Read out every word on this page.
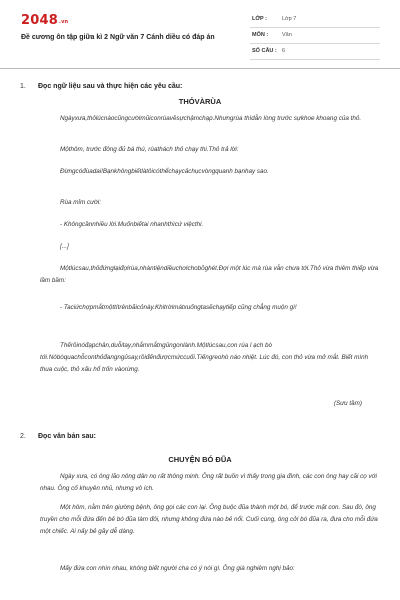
2048.vn
Đề cương ôn tập giữa kì 2 Ngữ văn 7 Cánh diều có đáp án
LỚP :	Lớp 7
MÔN :	Văn
SỐ CÂU : 6
1. Đọc ngữ liệu sau và thực hiện các yêu cầu:
THỎVÀRÙA
Ngàyxưa,thỏlúcnàocũngcườimũiconrùavềsựchậmchạp.Nhưngrùa thìdẫn lòng trước sựkhoe khoang của thỏ.
Mộthôm, trước đông đủ bá thú, rùathách thỏ chạy thi.Thỏ trả lời:
Đừngcóđùadai!Bạnkhôngbiếtlàtôicóthểchạycảchụcvòngquanh bạnhay sao.
Rùa mỉm cười:
- Khôngcầnnhiều lời.Muốnbiếtai nhanhthìcứ việcthi.
[...]
Mộtlúcsau,thỏđứnglạiđợirùa,nhàntiệndiềuchơichobõghét.Đợi một lúc mà rùa vẫn chưa tới.Thỏ vừa thiêm thiếp vừa lầm bầm:
- Taciứchợpmắtmộttítrênbãicỏnày.Khitrờimátxuốngtasẽchạytiếp cũng chẳng muộn gì!
Thếrồinóđạpchân,duỗitay,nhắmmắtngủngonlành.Mộtlúcsau,con rùa l ạch bò tới.Nóbòquachỗconthỏđangngủsay,rồiđếnđượcmứccuối.Tiếngreohò náo nhiệt. Lúc đó, con thỏ vừa mở mắt. Biết mình thua cuộc, thỏ xấu hổ trốn vàorừng.
(Sưu tầm)
2. Đọc văn bản sau:
CHUYỆN BÓ ĐŨA
Ngày xưa, có ông lão nông dân nọ rất thông minh. Ông rất buồn vì thấy trong gia đình, các con ông hay cãi cọ với nhau. Ông cố khuyên nhủ, nhưng vô ích.
Một hôm, nằm trên giường bệnh, ông gọi các con lại. Ông buộc đũa thành một bó, để trước mặt con. Sau đó, ông truyền cho mỗi đứa đến bẻ bó đũa làm đôi, nhưng không đứa nào bẻ nổi. Cuối cùng, ông cởi bó đũa ra, đưa cho mỗi đứa một chiếc. Ai nấy bẻ gãy dễ dàng.
Mấy đứa con nhìn nhau, không biết người cha có ý nói gì. Ông già nghiêm nghị bảo:
